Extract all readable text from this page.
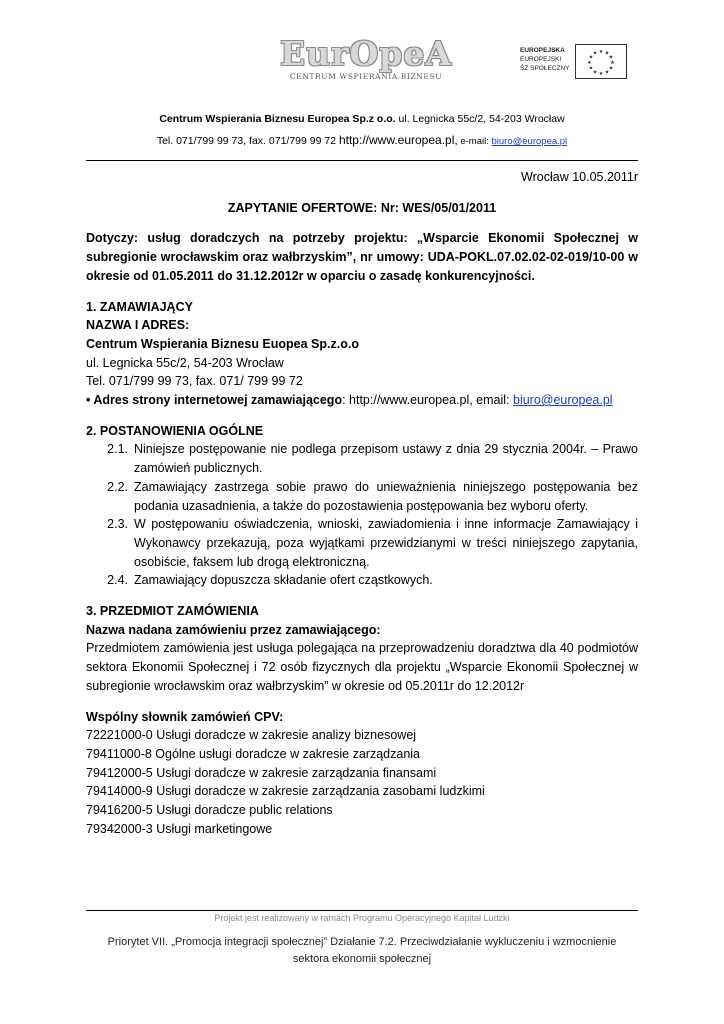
EurOpeA
CENTRUM WSPIERANIA BIZNESU
EUROPEJSKA
EUROPEJSKI
ŚZ SPOŁECZNY
★ ★
★
★
★
★
★
★
★
★
★
★
Centrum Wspierania Biznesu Europea Sp.z o.o. ul. Legnicka 55c/2, 54-203 Wrocław
Tel. 071/799 99 73, fax. 071/799 99 72 http://www.europea.pl, e-mail: biuro@europea.pl

Wrocław 10.05.2011r

ZAPYTANIE OFERTOWE: Nr: WES/05/01/2011

Dotyczy: usług doradczych na potrzeby projektu: „Wsparcie Ekonomii Społecznej w subregionie wrocławskim oraz wałbrzyskim”, nr umowy: UDA-POKL.07.02.02-02-019/10-00 w okresie od 01.05.2011 do 31.12.2012r w oparciu o zasadę konkurencyjności.

1. ZAMAWIAJĄCY

NAZWA I ADRES:

Centrum Wspierania Biznesu Euopea Sp.z.o.o

ul. Legnicka 55c/2, 54-203 Wrocław

Tel. 071/799 99 73, fax. 071/ 799 99 72

• Adres strony internetowej zamawiającego: http://www.europea.pl, email: biuro@europea.pl

2. POSTANOWIENIA OGÓLNE

2.1. Niniejsze postępowanie nie podlega przepisom ustawy z dnia 29 stycznia 2004r. – Prawo zamówień publicznych.
2.2. Zamawiający zastrzega sobie prawo do unieważnienia niniejszego postępowania bez podania uzasadnienia, a także do pozostawienia postępowania bez wyboru oferty.
2.3. W postępowaniu oświadczenia, wnioski, zawiadomienia i inne informacje Zamawiający i Wykonawcy przekazują, poza wyjątkami przewidzianymi w treści niniejszego zapytania, osobiście, faksem lub drogą elektroniczną.
2.4. Zamawiający dopuszcza składanie ofert cząstkowych.

3. PRZEDMIOT ZAMÓWIENIA

Nazwa nadana zamówieniu przez zamawiającego:

Przedmiotem zamówienia jest usługa polegająca na przeprowadzeniu doradztwa dla 40 podmiotów sektora Ekonomii Społecznej i 72 osób fizycznych dla projektu „Wsparcie Ekonomii Społecznej w subregionie wrocławskim oraz wałbrzyskim” w okresie od 05.2011r do 12.2012r

Wspólny słownik zamówień CPV:

72221000-0 Usługi doradcze w zakresie analizy biznesowej

79411000-8 Ogólne usługi doradcze w zakresie zarządzania

79412000-5 Usługi doradcze w zakresie zarządzania finansami

79414000-9 Usługi doradcze w zakresie zarządzania zasobami ludzkimi

79416200-5 Usługi doradcze public relations

79342000-3 Usługi marketingowe

Projekt jest realizowany w ramach Programu Operacyjnego Kapitał Ludzki
Priorytet VII. „Promocja integracji społecznej” Działanie 7.2. Przeciwdziałanie wykluczeniu i wzmocnienie
sektora ekonomii społecznej
